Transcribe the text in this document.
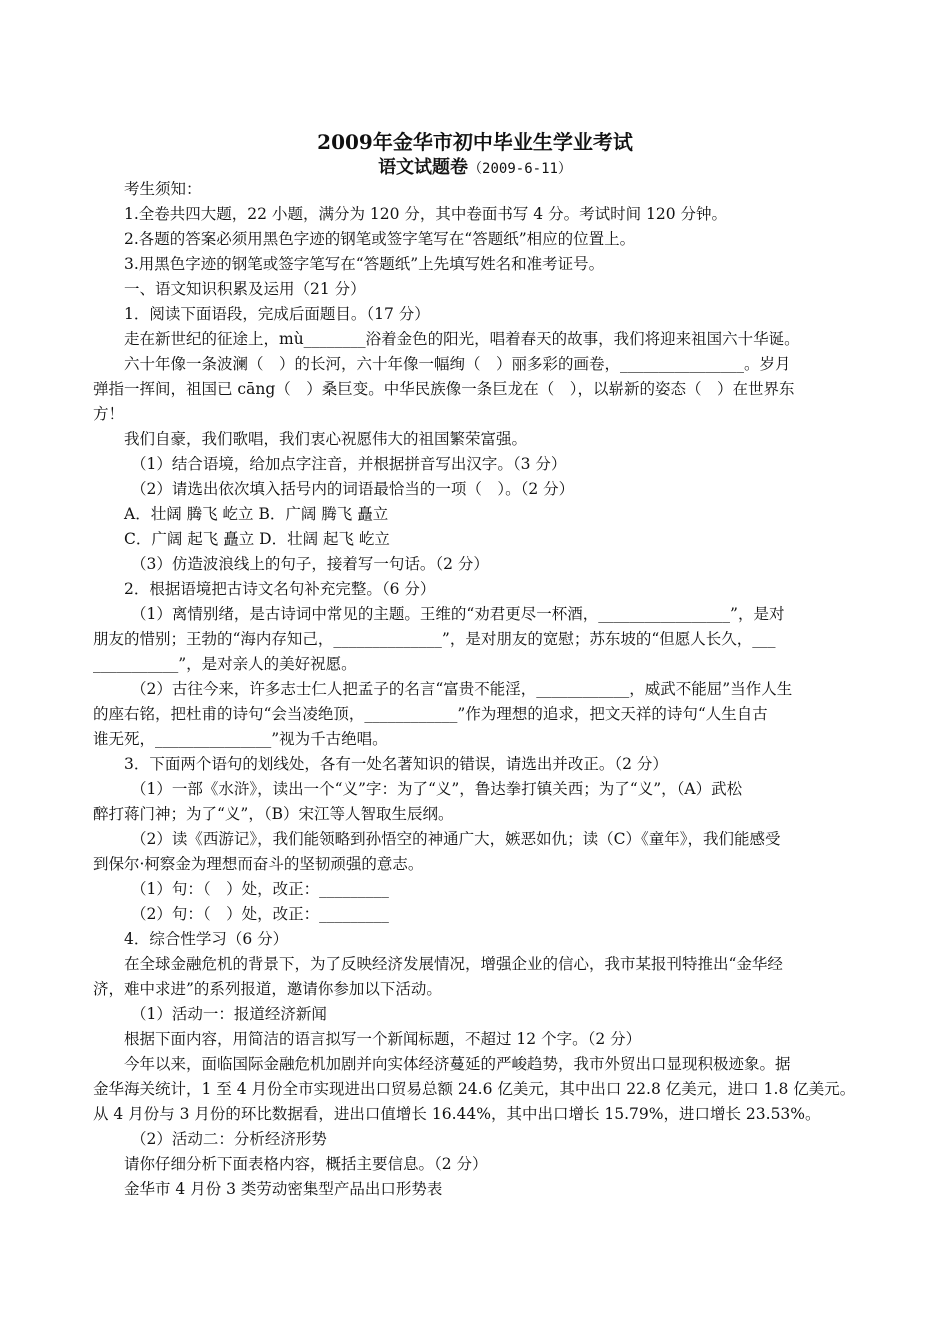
2009年金华市初中毕业生学业考试
语文试题卷（2009-6-11）
考生须知：
1.全卷共四大题，22 小题，满分为 120 分，其中卷面书写 4 分。考试时间 120 分钟。
2.各题的答案必须用黑色字迹的钢笔或签字笔写在“答题纸”相应的位置上。
3.用黑色字迹的钢笔或签字笔写在“答题纸”上先填写姓名和准考证号。
一、语文知识积累及运用（21 分）
1．阅读下面语段，完成后面题目。（17 分）
走在新世纪的征途上，mù________浴着金色的阳光，唱着春天的故事，我们将迎来祖国六十华诞。
六十年像一条波澜（　）的长河，六十年像一幅绚（　）丽多彩的画卷，________________。岁月
弹指一挥间，祖国已 cāng（　）桑巨变。中华民族像一条巨龙在（　），以崭新的姿态（　）在世界东
方！
我们自豪，我们歌唱，我们衷心祝愿伟大的祖国繁荣富强。
（1）结合语境，给加点字注音，并根据拼音写出汉字。（3 分）
（2）请选出依次填入括号内的词语最恰当的一项（　）。（2 分）
A．壮阔 腾飞 屹立 B．广阔 腾飞 矗立
C．广阔 起飞 矗立 D．壮阔 起飞 屹立
（3）仿造波浪线上的句子，接着写一句话。（2 分）
2．根据语境把古诗文名句补充完整。（6 分）
（1）离情别绪，是古诗词中常见的主题。王维的“劝君更尽一杯酒，_________________”，是对
朋友的惜别；王勃的“海内存知己，______________”，是对朋友的宽慰；苏东坡的“但愿人长久，___
___________”，是对亲人的美好祝愿。
（2）古往今来，许多志士仁人把孟子的名言“富贵不能淫，____________，威武不能屈”当作人生
的座右铭，把杜甫的诗句“会当凌绝顶，____________”作为理想的追求，把文天祥的诗句“人生自古
谁无死，_______________”视为千古绝唱。
3．下面两个语句的划线处，各有一处名著知识的错误，请选出并改正。（2 分）
（1）一部《水浒》，读出一个“义”字：为了“义”，鲁达拳打镇关西；为了“义”，（A）武松
醉打蒋门神；为了“义”，（B）宋江等人智取生辰纲。
（2）读《西游记》，我们能领略到孙悟空的神通广大，嫉恶如仇；读（C）《童年》，我们能感受
到保尔·柯察金为理想而奋斗的坚韧顽强的意志。
（1）句：（　）处，改正：_________
（2）句：（　）处，改正：_________
4．综合性学习（6 分）
在全球金融危机的背景下，为了反映经济发展情况，增强企业的信心，我市某报刊特推出“金华经
济，难中求进”的系列报道，邀请你参加以下活动。
（1）活动一：报道经济新闻
根据下面内容，用简洁的语言拟写一个新闻标题，不超过 12 个字。（2 分）
今年以来，面临国际金融危机加剧并向实体经济蔓延的严峻趋势，我市外贸出口显现积极迹象。据
金华海关统计，1 至 4 月份全市实现进出口贸易总额 24.6 亿美元，其中出口 22.8 亿美元，进口 1.8 亿美元。
从 4 月份与 3 月份的环比数据看，进出口值增长 16.44%，其中出口增长 15.79%，进口增长 23.53%。
（2）活动二：分析经济形势
请你仔细分析下面表格内容，概括主要信息。（2 分）
金华市 4 月份 3 类劳动密集型产品出口形势表
